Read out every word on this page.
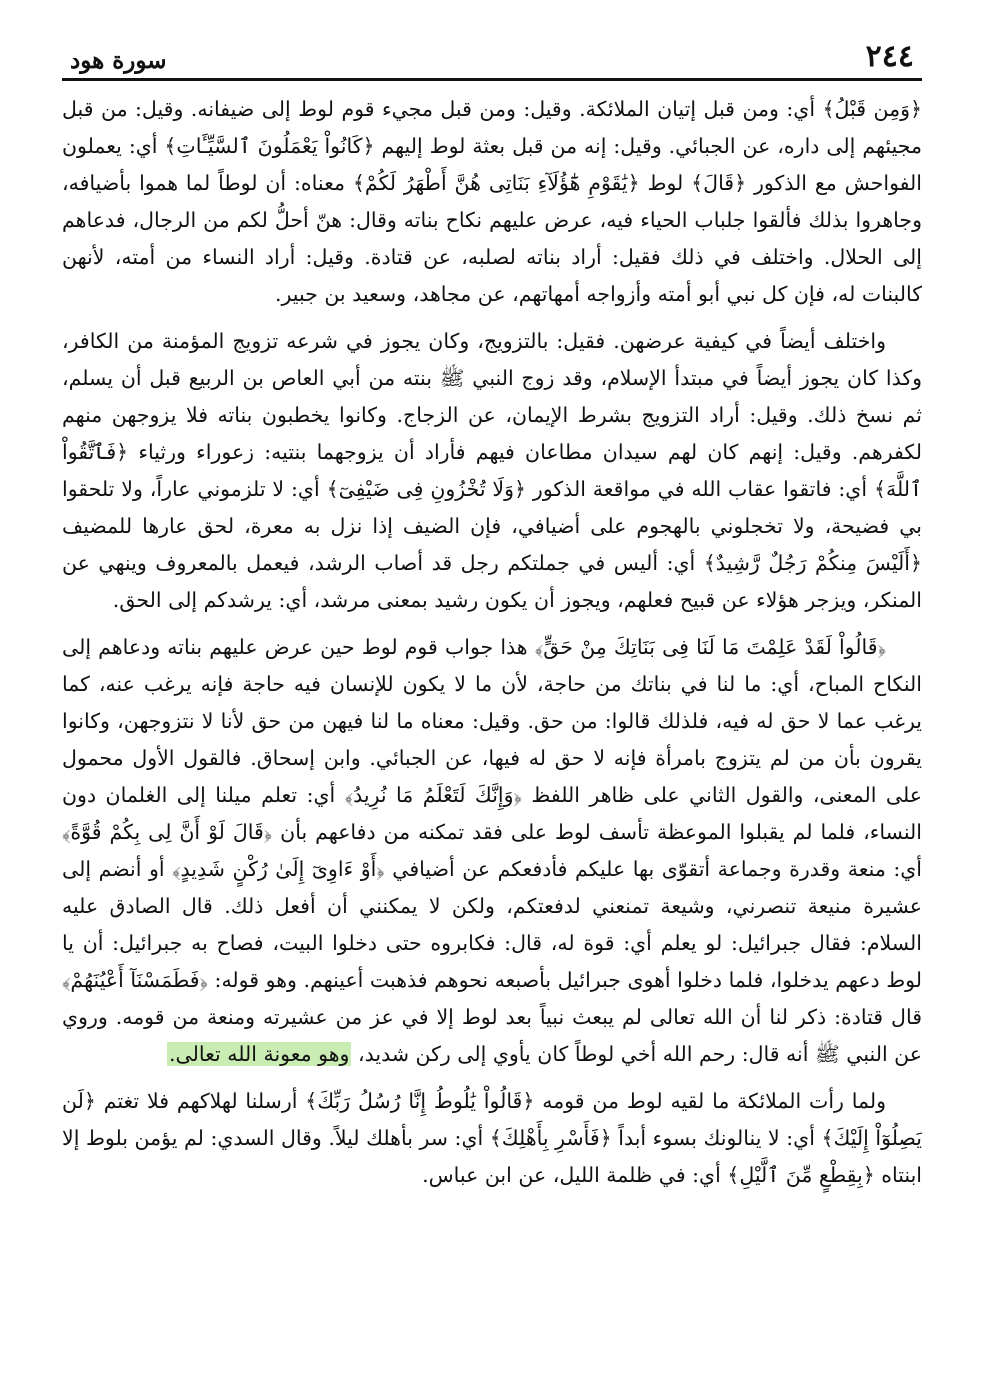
٢٤٤
سورة هود

﴿وَمِن قَبْلُ﴾ أي: ومن قبل إتيان الملائكة. وقيل: ومن قبل مجيء قوم لوط إلى ضيفانه. وقيل: من قبل مجيئهم إلى داره، عن الجبائي. وقيل: إنه من قبل بعثة لوط إليهم ﴿كَانُواْ يَعْمَلُونَ ٱلسَّيِّـَٔاتِ﴾ أي: يعملون الفواحش مع الذكور ﴿قَالَ﴾ لوط ﴿يَٰقَوْمِ هَٰٓؤُلَآءِ بَنَاتِى هُنَّ أَطْهَرُ لَكُمْ﴾ معناه: أن لوطاً لما هموا بأضيافه، وجاهروا بذلك فألقوا جلباب الحياء فيه، عرض عليهم نكاح بناته وقال: هنّ أحلُّ لكم من الرجال، فدعاهم إلى الحلال. واختلف في ذلك فقيل: أراد بناته لصلبه، عن قتادة. وقيل: أراد النساء من أمته، لأنهن كالبنات له، فإن كل نبي أبو أمته وأزواجه أمهاتهم، عن مجاهد، وسعيد بن جبير.

واختلف أيضاً في كيفية عرضهن. فقيل: بالتزويج، وكان يجوز في شرعه تزويج المؤمنة من الكافر، وكذا كان يجوز أيضاً في مبتدأ الإسلام، وقد زوج النبي ﷺ بنته من أبي العاص بن الربيع قبل أن يسلم، ثم نسخ ذلك. وقيل: أراد التزويج بشرط الإيمان، عن الزجاج. وكانوا يخطبون بناته فلا يزوجهن منهم لكفرهم. وقيل: إنهم كان لهم سيدان مطاعان فيهم فأراد أن يزوجهما بنتيه: زعوراء ورثياء ﴿فَٱتَّقُواْ ٱللَّهَ﴾ أي: فاتقوا عقاب الله في مواقعة الذكور ﴿وَلَا تُخْزُونِ فِى ضَيْفِىٓ﴾ أي: لا تلزموني عاراً، ولا تلحقوا بي فضيحة، ولا تخجلوني بالهجوم على أضيافي، فإن الضيف إذا نزل به معرة، لحق عارها للمضيف ﴿أَلَيْسَ مِنكُمْ رَجُلٌ رَّشِيدٌ﴾ أي: أليس في جملتكم رجل قد أصاب الرشد، فيعمل بالمعروف وينهي عن المنكر، ويزجر هؤلاء عن قبيح فعلهم، ويجوز أن يكون رشيد بمعنى مرشد، أي: يرشدكم إلى الحق.

﴿قَالُواْ لَقَدْ عَلِمْتَ مَا لَنَا فِى بَنَاتِكَ مِنْ حَقٍّ﴾ هذا جواب قوم لوط حين عرض عليهم بناته ودعاهم إلى النكاح المباح، أي: ما لنا في بناتك من حاجة، لأن ما لا يكون للإنسان فيه حاجة فإنه يرغب عنه، كما يرغب عما لا حق له فيه، فلذلك قالوا: من حق. وقيل: معناه ما لنا فيهن من حق لأنا لا نتزوجهن، وكانوا يقرون بأن من لم يتزوج بامرأة فإنه لا حق له فيها، عن الجبائي. وابن إسحاق. فالقول الأول محمول على المعنى، والقول الثاني على ظاهر اللفظ ﴿وَإِنَّكَ لَتَعْلَمُ مَا نُرِيدُ﴾ أي: تعلم ميلنا إلى الغلمان دون النساء، فلما لم يقبلوا الموعظة تأسف لوط على فقد تمكنه من دفاعهم بأن ﴿قَالَ لَوْ أَنَّ لِى بِكُمْ قُوَّةً﴾ أي: منعة وقدرة وجماعة أتقوّى بها عليكم فأدفعكم عن أضيافي ﴿أَوْ ءَاوِىٓ إِلَىٰ رُكْنٍ شَدِيدٍ﴾ أو أنضم إلى عشيرة منيعة تنصرني، وشيعة تمنعني لدفعتكم، ولكن لا يمكنني أن أفعل ذلك. قال الصادق عليه السلام: فقال جبرائيل: لو يعلم أي: قوة له، قال: فكابروه حتى دخلوا البيت، فصاح به جبرائيل: أن يا لوط دعهم يدخلوا، فلما دخلوا أهوى جبرائيل بأصبعه نحوهم فذهبت أعينهم. وهو قوله: ﴿فَطَمَسْنَآ أَعْيُنَهُمْ﴾ قال قتادة: ذكر لنا أن الله تعالى لم يبعث نبياً بعد لوط إلا في عز من عشيرته ومنعة من قومه. وروي عن النبي ﷺ أنه قال: رحم الله أخي لوطاً كان يأوي إلى ركن شديد، وهو معونة الله تعالى.

ولما رأت الملائكة ما لقيه لوط من قومه ﴿قَالُواْ يَٰلُوطُ إِنَّا رُسُلُ رَبِّكَ﴾ أرسلنا لهلاكهم فلا تغتم ﴿لَن يَصِلُوٓاْ إِلَيْكَ﴾ أي: لا ينالونك بسوء أبداً ﴿فَأَسْرِ بِأَهْلِكَ﴾ أي: سر بأهلك ليلاً. وقال السدي: لم يؤمن بلوط إلا ابنتاه ﴿بِقِطْعٍ مِّنَ ٱلَّيْلِ﴾ أي: في ظلمة الليل، عن ابن عباس.
